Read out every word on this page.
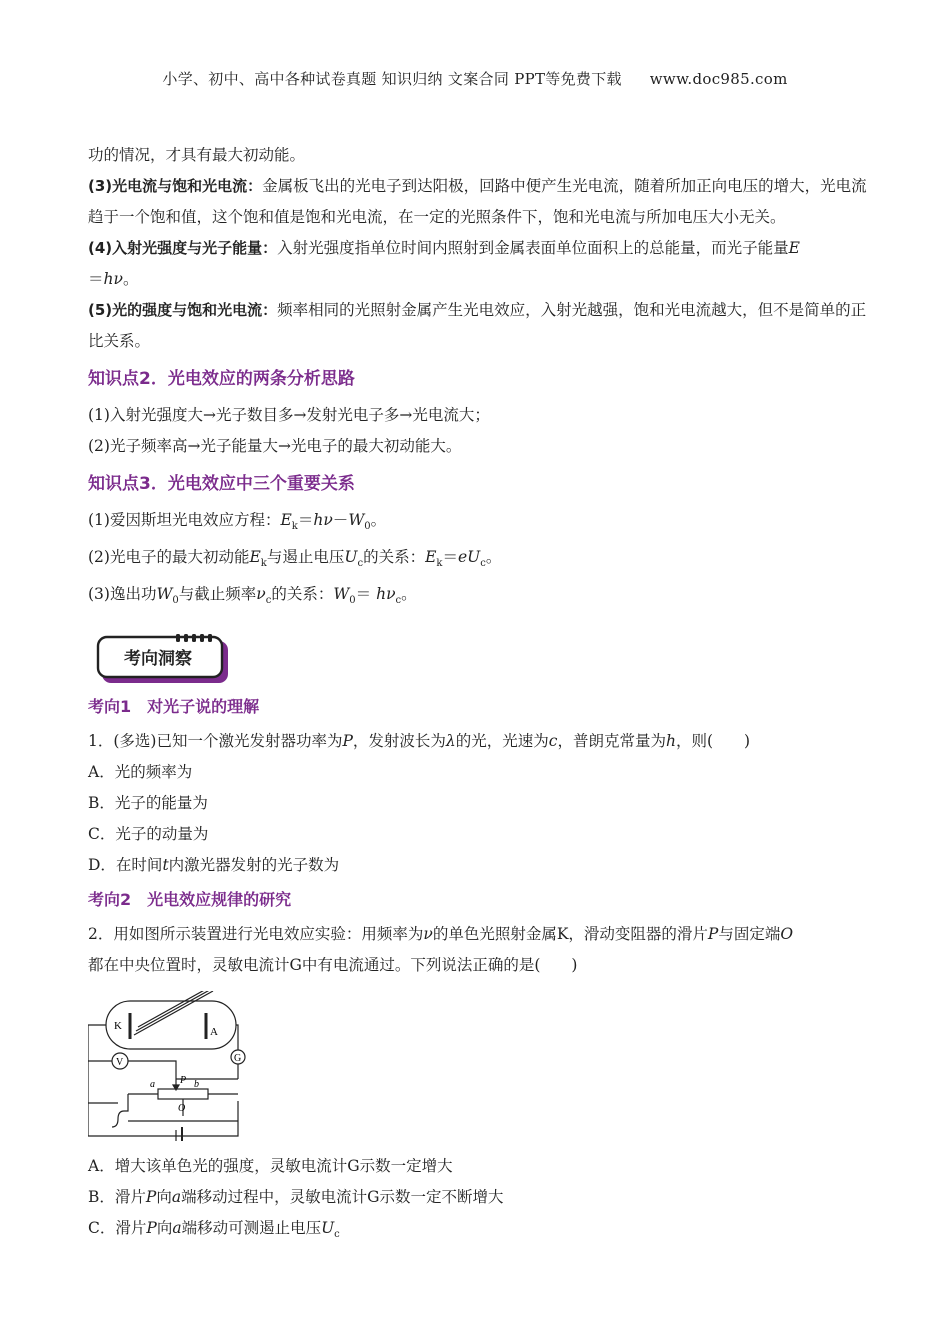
小学、初中、高中各种试卷真题 知识归纳 文案合同 PPT等免费下载 www.doc985.com

功的情况，才具有最大初动能。

(3)光电流与饱和光电流：金属板飞出的光电子到达阳极，回路中便产生光电流，随着所加正向电压的增大，光电流趋于一个饱和值，这个饱和值是饱和光电流，在一定的光照条件下，饱和光电流与所加电压大小无关。

(4)入射光强度与光子能量：入射光强度指单位时间内照射到金属表面单位面积上的总能量，而光子能量E
＝hν。

(5)光的强度与饱和光电流：频率相同的光照射金属产生光电效应，入射光越强，饱和光电流越大，但不是简单的正比关系。

知识点2．光电效应的两条分析思路

(1)入射光强度大→光子数目多→发射光电子多→光电流大；

(2)光子频率高→光子能量大→光电子的最大初动能大。

知识点3．光电效应中三个重要关系

(1)爱因斯坦光电效应方程：$E_k=h\nu-W_0$。

(2)光电子的最大初动能$E_k$与遏止电压$U_c$的关系：$E_k=eU_c$。

(3)逸出功$W_0$与截止频率$\nu_c$的关系：$W_0= h\nu_c$。

考向洞察
考向1　对光子说的理解

1．(多选)已知一个激光发射器功率为P，发射波长为λ的光，光速为c，普朗克常量为h，则(　　)

A．光的频率为

B．光子的能量为

C．光子的动量为

D．在时间t内激光器发射的光子数为

考向2　光电效应规律的研究

2．用如图所示装置进行光电效应实验：用频率为ν的单色光照射金属K，滑动变阻器的滑片P与固定端O
都在中央位置时，灵敏电流计G中有电流通过。下列说法正确的是(　　)

K	A
G
V
a	P b
O

A．增大该单色光的强度，灵敏电流计G示数一定增大

B．滑片P向a端移动过程中，灵敏电流计G示数一定不断增大

C．滑片P向a端移动可测遏止电压$U_c$
